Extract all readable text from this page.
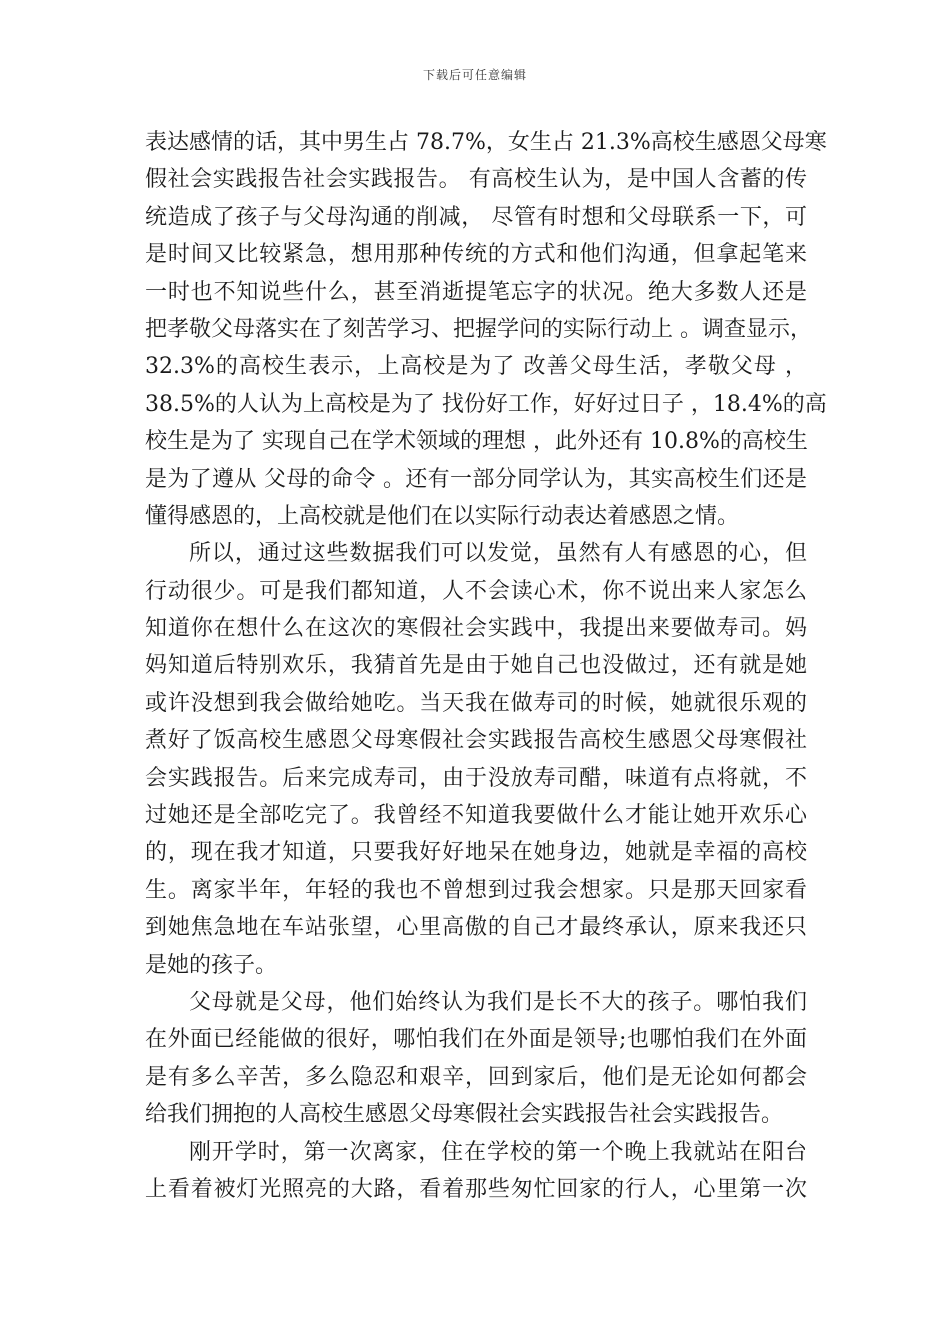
下载后可任意编辑
表达感情的话，其中男生占 78.7%，女生占 21.3%高校生感恩父母寒
假社会实践报告社会实践报告。 有高校生认为，是中国人含蓄的传
统造成了孩子与父母沟通的削减， 尽管有时想和父母联系一下，可
是时间又比较紧急，想用那种传统的方式和他们沟通，但拿起笔来
一时也不知说些什么，甚至消逝提笔忘字的状况。绝大多数人还是
把孝敬父母落实在了刻苦学习、把握学问的实际行动上 。调查显示，
32.3%的高校生表示，上高校是为了 改善父母生活，孝敬父母 ，
38.5%的人认为上高校是为了 找份好工作，好好过日子 ，18.4%的高
校生是为了 实现自己在学术领域的理想 ，此外还有 10.8%的高校生
是为了遵从 父母的命令 。还有一部分同学认为，其实高校生们还是
懂得感恩的，上高校就是他们在以实际行动表达着感恩之情。
所以，通过这些数据我们可以发觉，虽然有人有感恩的心，但
行动很少。可是我们都知道，人不会读心术，你不说出来人家怎么
知道你在想什么在这次的寒假社会实践中，我提出来要做寿司。妈
妈知道后特别欢乐，我猜首先是由于她自己也没做过，还有就是她
或许没想到我会做给她吃。当天我在做寿司的时候，她就很乐观的
煮好了饭高校生感恩父母寒假社会实践报告高校生感恩父母寒假社
会实践报告。后来完成寿司，由于没放寿司醋，味道有点将就，不
过她还是全部吃完了。我曾经不知道我要做什么才能让她开欢乐心
的，现在我才知道，只要我好好地呆在她身边，她就是幸福的高校
生。离家半年，年轻的我也不曾想到过我会想家。只是那天回家看
到她焦急地在车站张望，心里高傲的自己才最终承认，原来我还只
是她的孩子。
父母就是父母，他们始终认为我们是长不大的孩子。哪怕我们
在外面已经能做的很好，哪怕我们在外面是领导;也哪怕我们在外面
是有多么辛苦，多么隐忍和艰辛，回到家后，他们是无论如何都会
给我们拥抱的人高校生感恩父母寒假社会实践报告社会实践报告。
刚开学时，第一次离家，住在学校的第一个晚上我就站在阳台
上看着被灯光照亮的大路，看着那些匆忙回家的行人，心里第一次
